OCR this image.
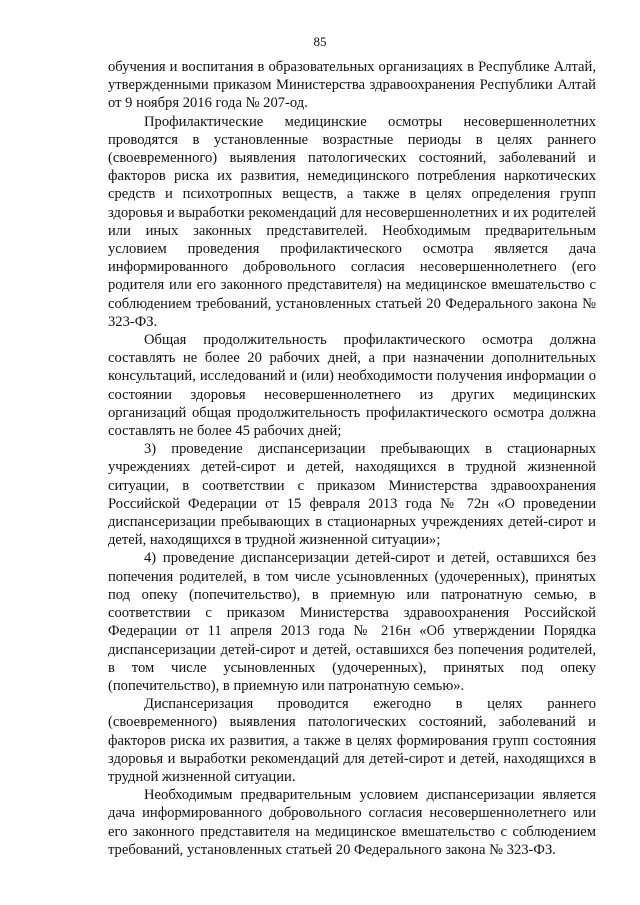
85

обучения и воспитания в образовательных организациях в Республике Алтай, утвержденными приказом Министерства здравоохранения Республики Алтай от 9 ноября 2016 года № 207-од.

Профилактические медицинские осмотры несовершеннолетних проводятся в установленные возрастные периоды в целях раннего (своевременного) выявления патологических состояний, заболеваний и факторов риска их развития, немедицинского потребления наркотических средств и психотропных веществ, а также в целях определения групп здоровья и выработки рекомендаций для несовершеннолетних и их родителей или иных законных представителей. Необходимым предварительным условием проведения профилактического осмотра является дача информированного добровольного согласия несовершеннолетнего (его родителя или его законного представителя) на медицинское вмешательство с соблюдением требований, установленных статьей 20 Федерального закона № 323-ФЗ.

Общая продолжительность профилактического осмотра должна составлять не более 20 рабочих дней, а при назначении дополнительных консультаций, исследований и (или) необходимости получения информации о состоянии здоровья несовершеннолетнего из других медицинских организаций общая продолжительность профилактического осмотра должна составлять не более 45 рабочих дней;

3) проведение диспансеризации пребывающих в стационарных учреждениях детей-сирот и детей, находящихся в трудной жизненной ситуации, в соответствии с приказом Министерства здравоохранения Российской Федерации от 15 февраля 2013 года № 72н «О проведении диспансеризации пребывающих в стационарных учреждениях детей-сирот и детей, находящихся в трудной жизненной ситуации»;

4) проведение диспансеризации детей-сирот и детей, оставшихся без попечения родителей, в том числе усыновленных (удочеренных), принятых под опеку (попечительство), в приемную или патронатную семью, в соответствии с приказом Министерства здравоохранения Российской Федерации от 11 апреля 2013 года № 216н «Об утверждении Порядка диспансеризации детей-сирот и детей, оставшихся без попечения родителей, в том числе усыновленных (удочеренных), принятых под опеку (попечительство), в приемную или патронатную семью».

Диспансеризация проводится ежегодно в целях раннего (своевременного) выявления патологических состояний, заболеваний и факторов риска их развития, а также в целях формирования групп состояния здоровья и выработки рекомендаций для детей-сирот и детей, находящихся в трудной жизненной ситуации.

Необходимым предварительным условием диспансеризации является дача информированного добровольного согласия несовершеннолетнего или его законного представителя на медицинское вмешательство с соблюдением требований, установленных статьей 20 Федерального закона № 323-ФЗ.
